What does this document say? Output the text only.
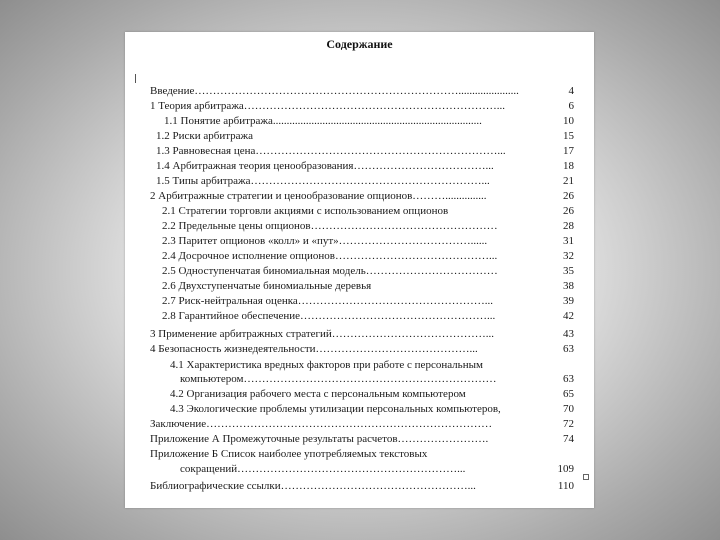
Содержание
Введение………………………………………………………………......................	4
1 Теория арбитража……………………………………………………………...	6
1.1 Понятие арбитража............................................................................	10
1.2 Риски арбитража	15
1.3 Равновесная цена…………………………………………………………...	17
1.4 Арбитражная теория ценообразования………………………………...	18
1.5 Типы арбитража………………………………………………………...	21
2 Арбитражные стратегии и ценообразование опционов………...............	26
2.1 Стратегии торговли акциями с использованием опционов	26
2.2 Предельные цены опционов……………………………………………	28
2.3 Паритет опционов «колл» и «пут»………………………………......	31
2.4 Досрочное исполнение опционов……………………………………...	32
2.5 Одноступенчатая биномиальная модель………………………………	35
2.6 Двухступенчатые биномиальные деревья	38
2.7 Риск-нейтральная оценка……………………………………………...	39
2.8 Гарантийное обеспечение……………………………………………...	42
3 Применение арбитражных стратегий……………………………………...	43
4 Безопасность жизнедеятельности……………………………………...	63
4.1 Характеристика вредных факторов при работе с персональным
компьютером……………………………………………………………	63
4.2 Организация рабочего места с персональным компьютером	65
4.3 Экологические проблемы утилизации персональных компьютеров,	70
Заключение……………………………………………………………………	72
Приложение А Промежуточные результаты расчетов…………………….	74
Приложение Б Список наиболее употребляемых текстовых
сокращений……………………………………………………...	109
Библиографические ссылки……………………………………………...	110
